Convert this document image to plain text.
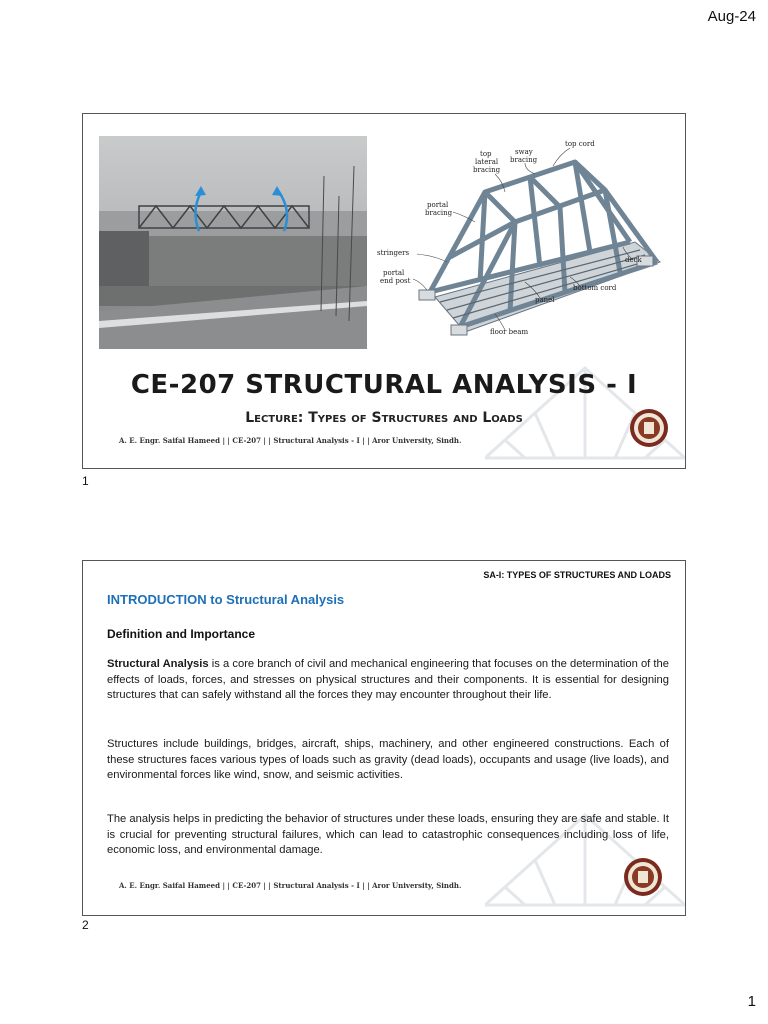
Aug-24
top cord
sway
bracing
top
lateral
bracing
portal
bracing
stringers
portal
end post
deck
bottom cord
panel
floor beam
CE-207 STRUCTURAL ANALYSIS - I
Lecture: Types of Structures and Loads
A. E. Engr. Saifal Hameed | | CE-207 | | Structural Analysis - I | | Aror University, Sindh.
1
SA-I: TYPES OF STRUCTURES AND LOADS
INTRODUCTION to Structural Analysis
Definition and Importance

Structural Analysis is a core branch of civil and mechanical engineering that focuses on the determination of the effects of loads, forces, and stresses on physical structures and their components. It is essential for designing structures that can safely withstand all the forces they may encounter throughout their life.

Structures include buildings, bridges, aircraft, ships, machinery, and other engineered constructions. Each of these structures faces various types of loads such as gravity (dead loads), occupants and usage (live loads), and environmental forces like wind, snow, and seismic activities.

The analysis helps in predicting the behavior of structures under these loads, ensuring they are safe and stable. It is crucial for preventing structural failures, which can lead to catastrophic consequences including loss of life, economic loss, and environmental damage.

A. E. Engr. Saifal Hameed | | CE-207 | | Structural Analysis - I | | Aror University, Sindh.
2
1
